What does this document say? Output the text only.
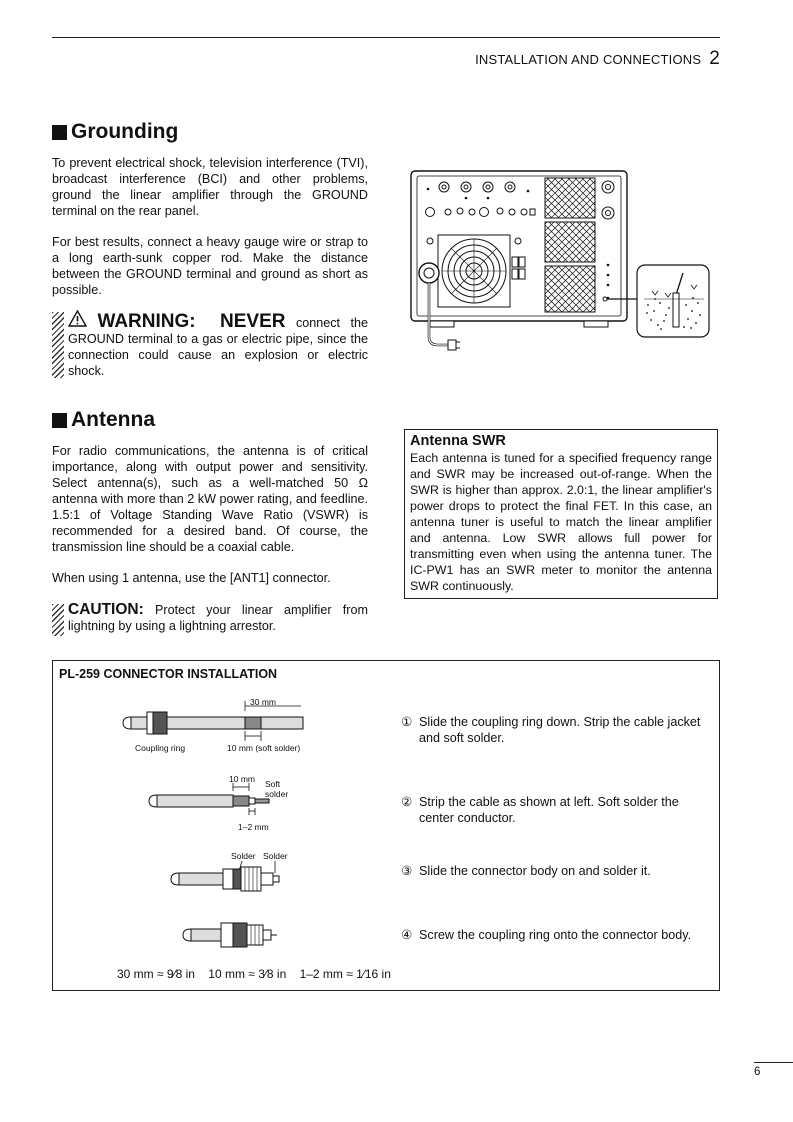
INSTALLATION AND CONNECTIONS 2
Grounding

To prevent electrical shock, television interference (TVI), broadcast interference (BCI) and other problems, ground the linear amplifier through the GROUND terminal on the rear panel.

For best results, connect a heavy gauge wire or strap to a long earth-sunk copper rod. Make the distance between the GROUND terminal and ground as short as possible.

WARNING: NEVER connect the GROUND terminal to a gas or electric pipe, since the connection could cause an explosion or electric shock.
Antenna

For radio communications, the antenna is of critical importance, along with output power and sensitivity. Select antenna(s), such as a well-matched 50 Ω antenna with more than 2 kW power rating, and feedline. 1.5:1 of Voltage Standing Wave Ratio (VSWR) is recommended for a desired band. Of course, the transmission line should be a coaxial cable.

When using 1 antenna, use the [ANT1] connector.

CAUTION: Protect your linear amplifier from lightning by using a lightning arrestor.
Antenna SWR
Each antenna is tuned for a specified frequency range and SWR may be increased out-of-range. When the SWR is higher than approx. 2.0:1, the linear amplifier's power drops to protect the final FET. In this case, an antenna tuner is useful to match the linear amplifier and antenna. Low SWR allows full power for transmitting even when using the antenna tuner. The IC-PW1 has an SWR meter to monitor the antenna SWR continuously.
PL-259 CONNECTOR INSTALLATION
30 mm
Coupling ring	10 mm (soft solder)
10 mm Soft solder
1–2 mm
Solder Solder
① Slide the coupling ring down. Strip the cable jacket and soft solder.
② Strip the cable as shown at left. Soft solder the center conductor.
③ Slide the connector body on and solder it.
④ Screw the coupling ring onto the connector body.
30 mm ≈ 9⁄8 in    10 mm ≈ 3⁄8 in    1–2 mm ≈ 1⁄16 in
6
